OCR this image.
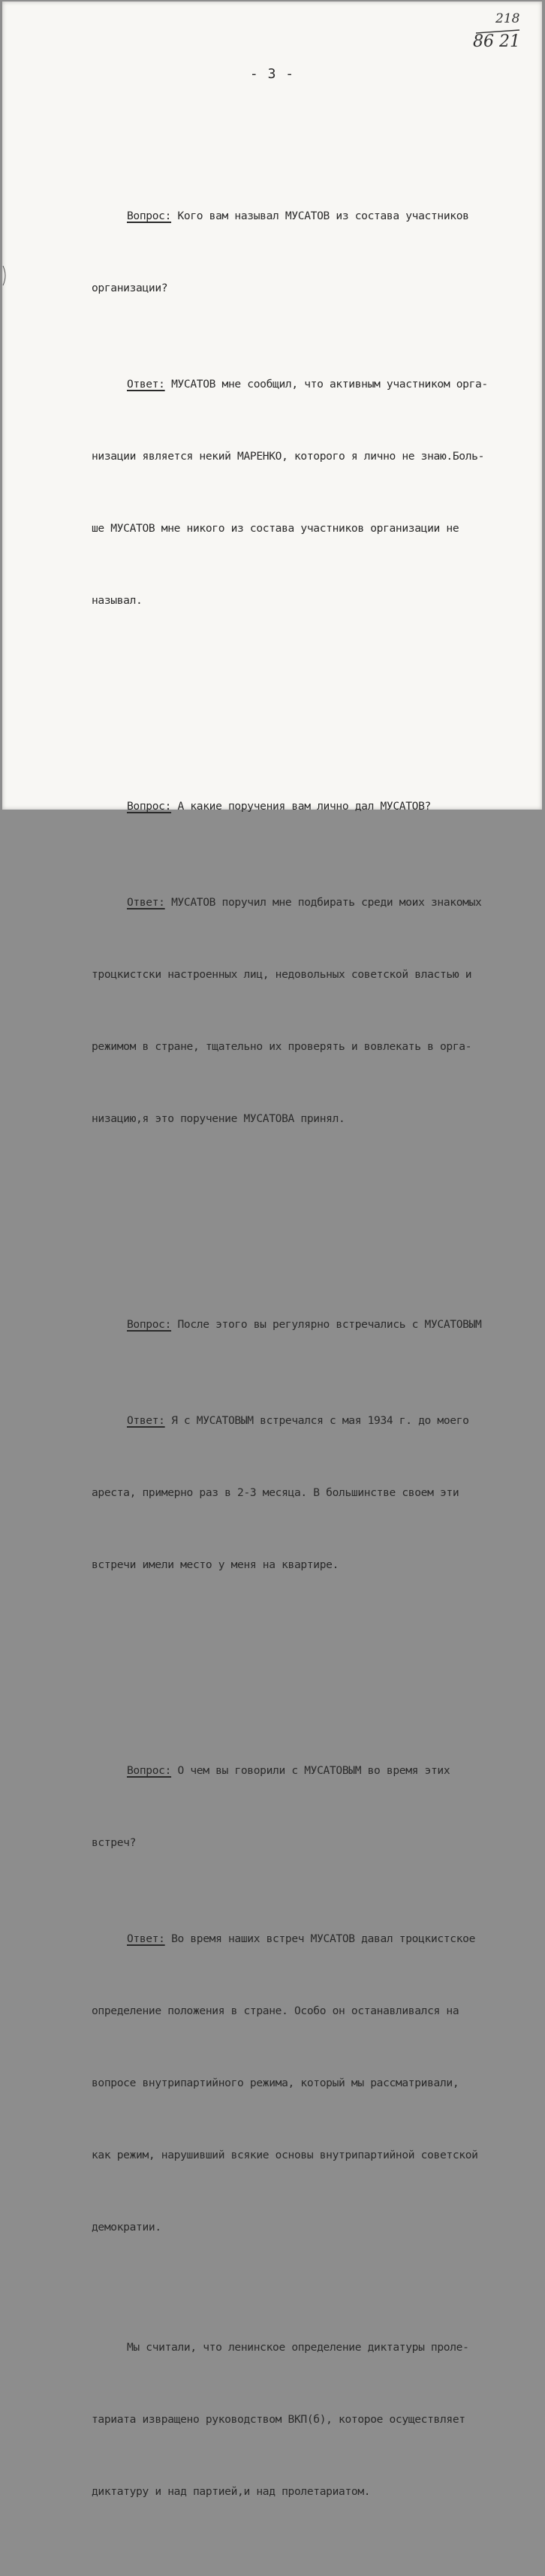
218
86 21
- 3 -

Вопрос: Кого вам называл МУСАТОВ из состава участников

организации?

Ответ: МУСАТОВ мне сообщил, что активным участником орга-

низации является некий МАРЕНКО, которого я лично не знаю.Боль-

ше МУСАТОВ мне никого из состава участников организации не

называл.

Вопрос: А какие поручения вам лично дал МУСАТОВ?

Ответ: МУСАТОВ поручил мне подбирать среди моих знакомых

троцкистски настроенных лиц, недовольных советской властью и

режимом в стране, тщательно их проверять и вовлекать в орга-

низацию,я это поручение МУСАТОВА принял.

Вопрос: После этого вы регулярно встречались с МУСАТОВЫМ

Ответ: Я с МУСАТОВЫМ встречался с мая 1934 г. до моего

ареста, примерно раз в 2-3 месяца. В большинстве своем эти

встречи имели место у меня на квартире.

Вопрос: О чем вы говорили с МУСАТОВЫМ во время этих

встреч?

Ответ: Во время наших встреч МУСАТОВ давал троцкистское

определение положения в стране. Особо он останавливался на

вопросе внутрипартийного режима, который мы рассматривали,

как режим, нарушивший всякие основы внутрипартийной советской

демократии.

Мы считали, что ленинское определение диктатуры проле-

тариата извращено руководством ВКП(б), которое осуществляет

диктатуру и над партией,и над пролетариатом.
